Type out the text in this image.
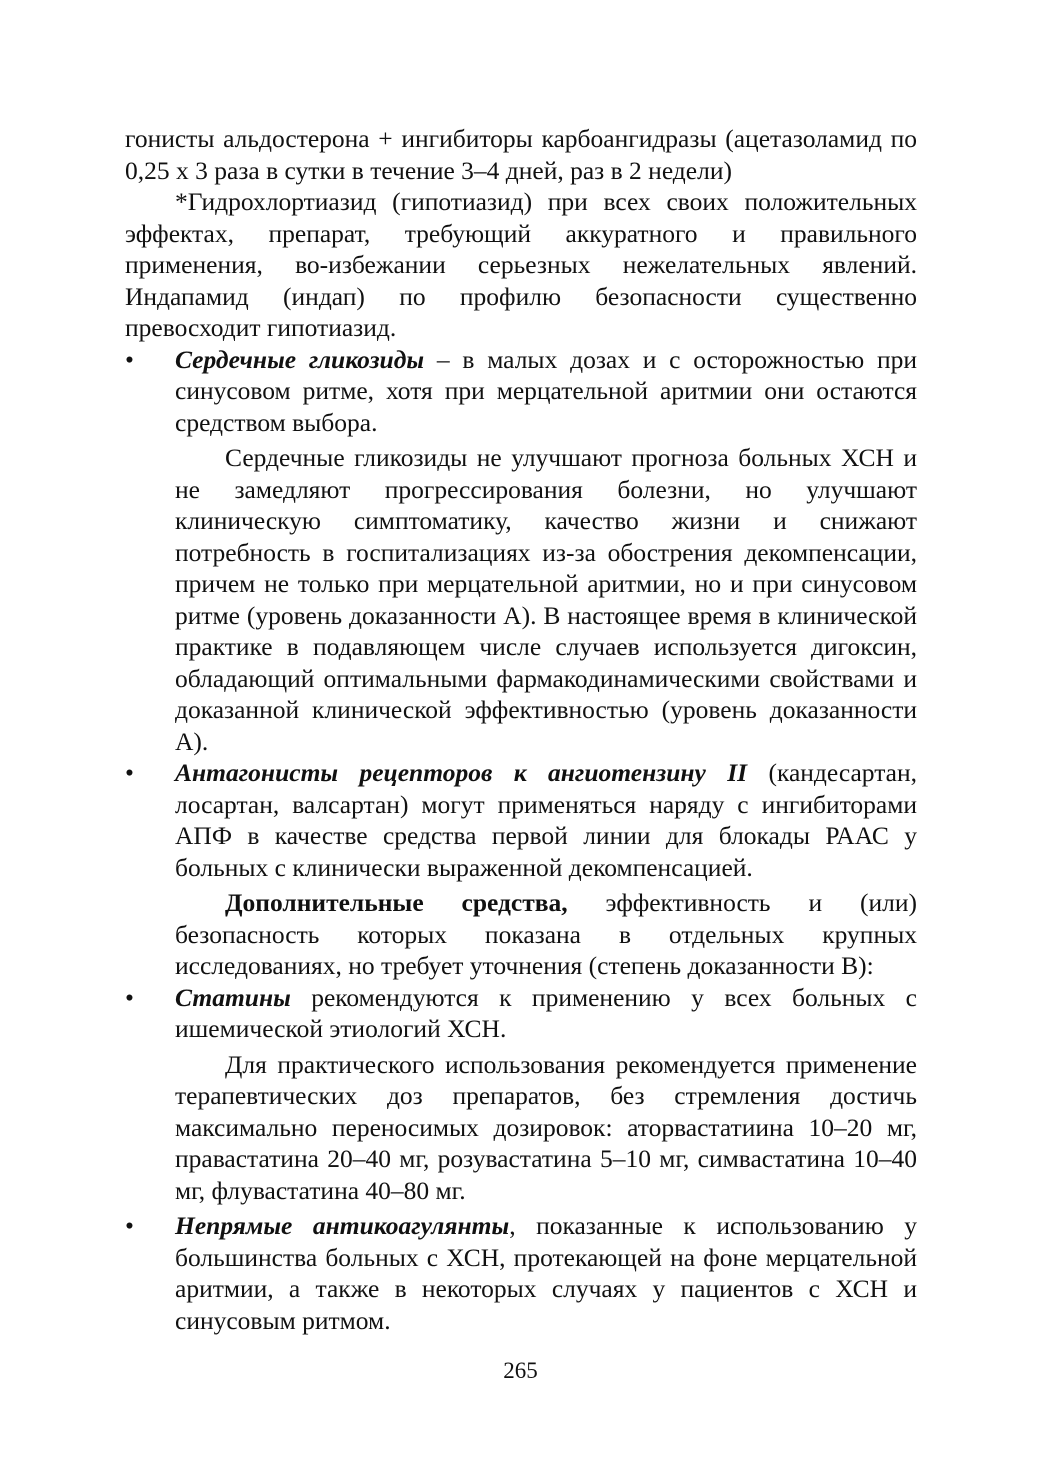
гонисты альдостерона + ингибиторы карбоангидразы (ацетазоламид по 0,25 х 3 раза в сутки в течение 3–4 дней, раз в 2 недели)

*Гидрохлортиазид (гипотиазид) при всех своих положительных эффектах, препарат, требующий аккуратного и правильного применения, во-избежании серьезных нежелательных явлений. Индапамид (индап) по профилю безопасности существенно превосходит гипотиазид.

• Сердечные гликозиды – в малых дозах и с осторожностью при синусовом ритме, хотя при мерцательной аритмии они остаются средством выбора.

Сердечные гликозиды не улучшают прогноза больных ХСН и не замедляют прогрессирования болезни, но улучшают клиническую симптоматику, качество жизни и снижают потребность в госпитализациях из-за обострения декомпенсации, причем не только при мерцательной аритмии, но и при синусовом ритме (уровень доказанности А). В настоящее время в клинической практике в подавляющем числе случаев используется дигоксин, обладающий оптимальными фармакодинамическими свойствами и доказанной клинической эффективностью (уровень доказанности А).

• Антагонисты рецепторов к ангиотензину II (кандесартан, лосартан, валсартан) могут применяться наряду с ингибиторами АПФ в качестве средства первой линии для блокады РААС у больных с клинически выраженной декомпенсацией.

Дополнительные средства, эффективность и (или) безопасность которых показана в отдельных крупных исследованиях, но требует уточнения (степень доказанности В):

• Статины рекомендуются к применению у всех больных с ишемической этиологий ХСН.

Для практического использования рекомендуется применение терапевтических доз препаратов, без стремления достичь максимально переносимых дозировок: аторвастатиина 10–20 мг, правастатина 20–40 мг, розувастатина 5–10 мг, симвастатина 10–40 мг, флувастатина 40–80 мг.

• Непрямые антикоагулянты, показанные к использованию у большинства больных с ХСН, протекающей на фоне мерцательной аритмии, а также в некоторых случаях у пациентов с ХСН и синусовым ритмом.
265
